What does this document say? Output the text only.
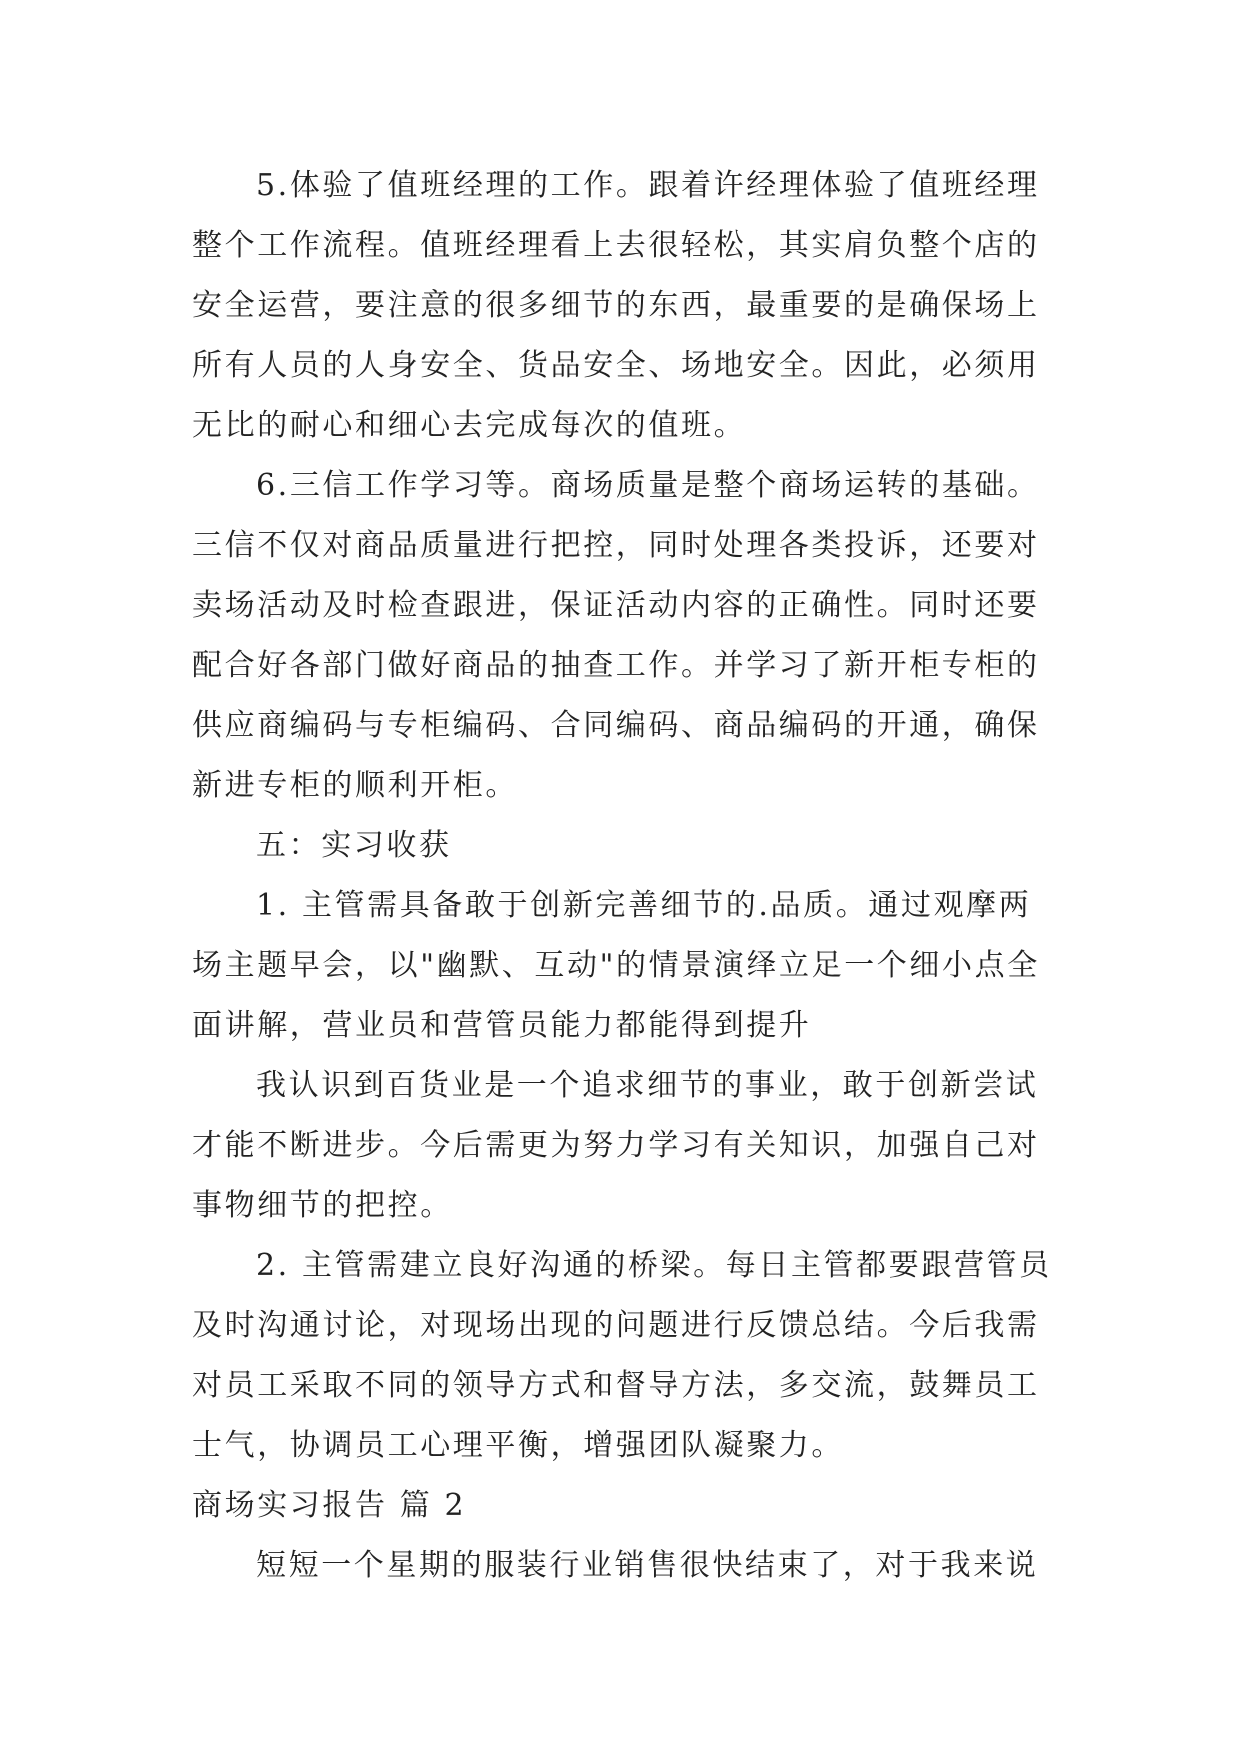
5.体验了值班经理的工作。跟着许经理体验了值班经理整个工作流程。值班经理看上去很轻松，其实肩负整个店的安全运营，要注意的很多细节的东西，最重要的是确保场上所有人员的人身安全、货品安全、场地安全。因此，必须用无比的耐心和细心去完成每次的值班。

6.三信工作学习等。商场质量是整个商场运转的基础。三信不仅对商品质量进行把控，同时处理各类投诉，还要对卖场活动及时检查跟进，保证活动内容的正确性。同时还要配合好各部门做好商品的抽查工作。并学习了新开柜专柜的供应商编码与专柜编码、合同编码、商品编码的开通，确保新进专柜的顺利开柜。

五：实习收获

1. 主管需具备敢于创新完善细节的.品质。通过观摩两场主题早会，以"幽默、互动"的情景演绎立足一个细小点全面讲解，营业员和营管员能力都能得到提升

我认识到百货业是一个追求细节的事业，敢于创新尝试才能不断进步。今后需更为努力学习有关知识，加强自己对事物细节的把控。

2. 主管需建立良好沟通的桥梁。每日主管都要跟营管员及时沟通讨论，对现场出现的问题进行反馈总结。今后我需对员工采取不同的领导方式和督导方法，多交流，鼓舞员工士气，协调员工心理平衡，增强团队凝聚力。

商场实习报告 篇 2

短短一个星期的服装行业销售很快结束了，对于我来说
